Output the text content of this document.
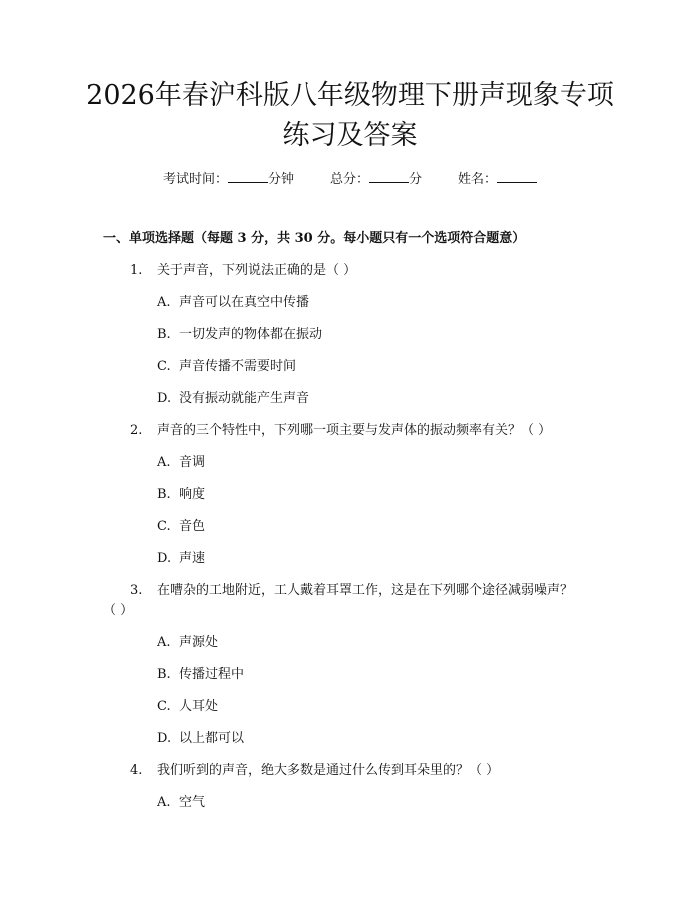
2026年春沪科版八年级物理下册声现象专项
练习及答案
考试时间：	分钟	总分：	分	姓名：
一、单项选择题（每题 3 分，共 30 分。每小题只有一个选项符合题意）
1.	关于声音，下列说法正确的是（ ）
A. 声音可以在真空中传播
B. 一切发声的物体都在振动
C. 声音传播不需要时间
D. 没有振动就能产生声音
2.	声音的三个特性中，下列哪一项主要与发声体的振动频率有关？（ ）
A. 音调
B. 响度
C. 音色
D. 声速
3.	在嘈杂的工地附近，工人戴着耳罩工作，这是在下列哪个途径减弱噪声？
（ ）
A. 声源处
B. 传播过程中
C. 人耳处
D. 以上都可以
4.	我们听到的声音，绝大多数是通过什么传到耳朵里的？（ ）
A. 空气
